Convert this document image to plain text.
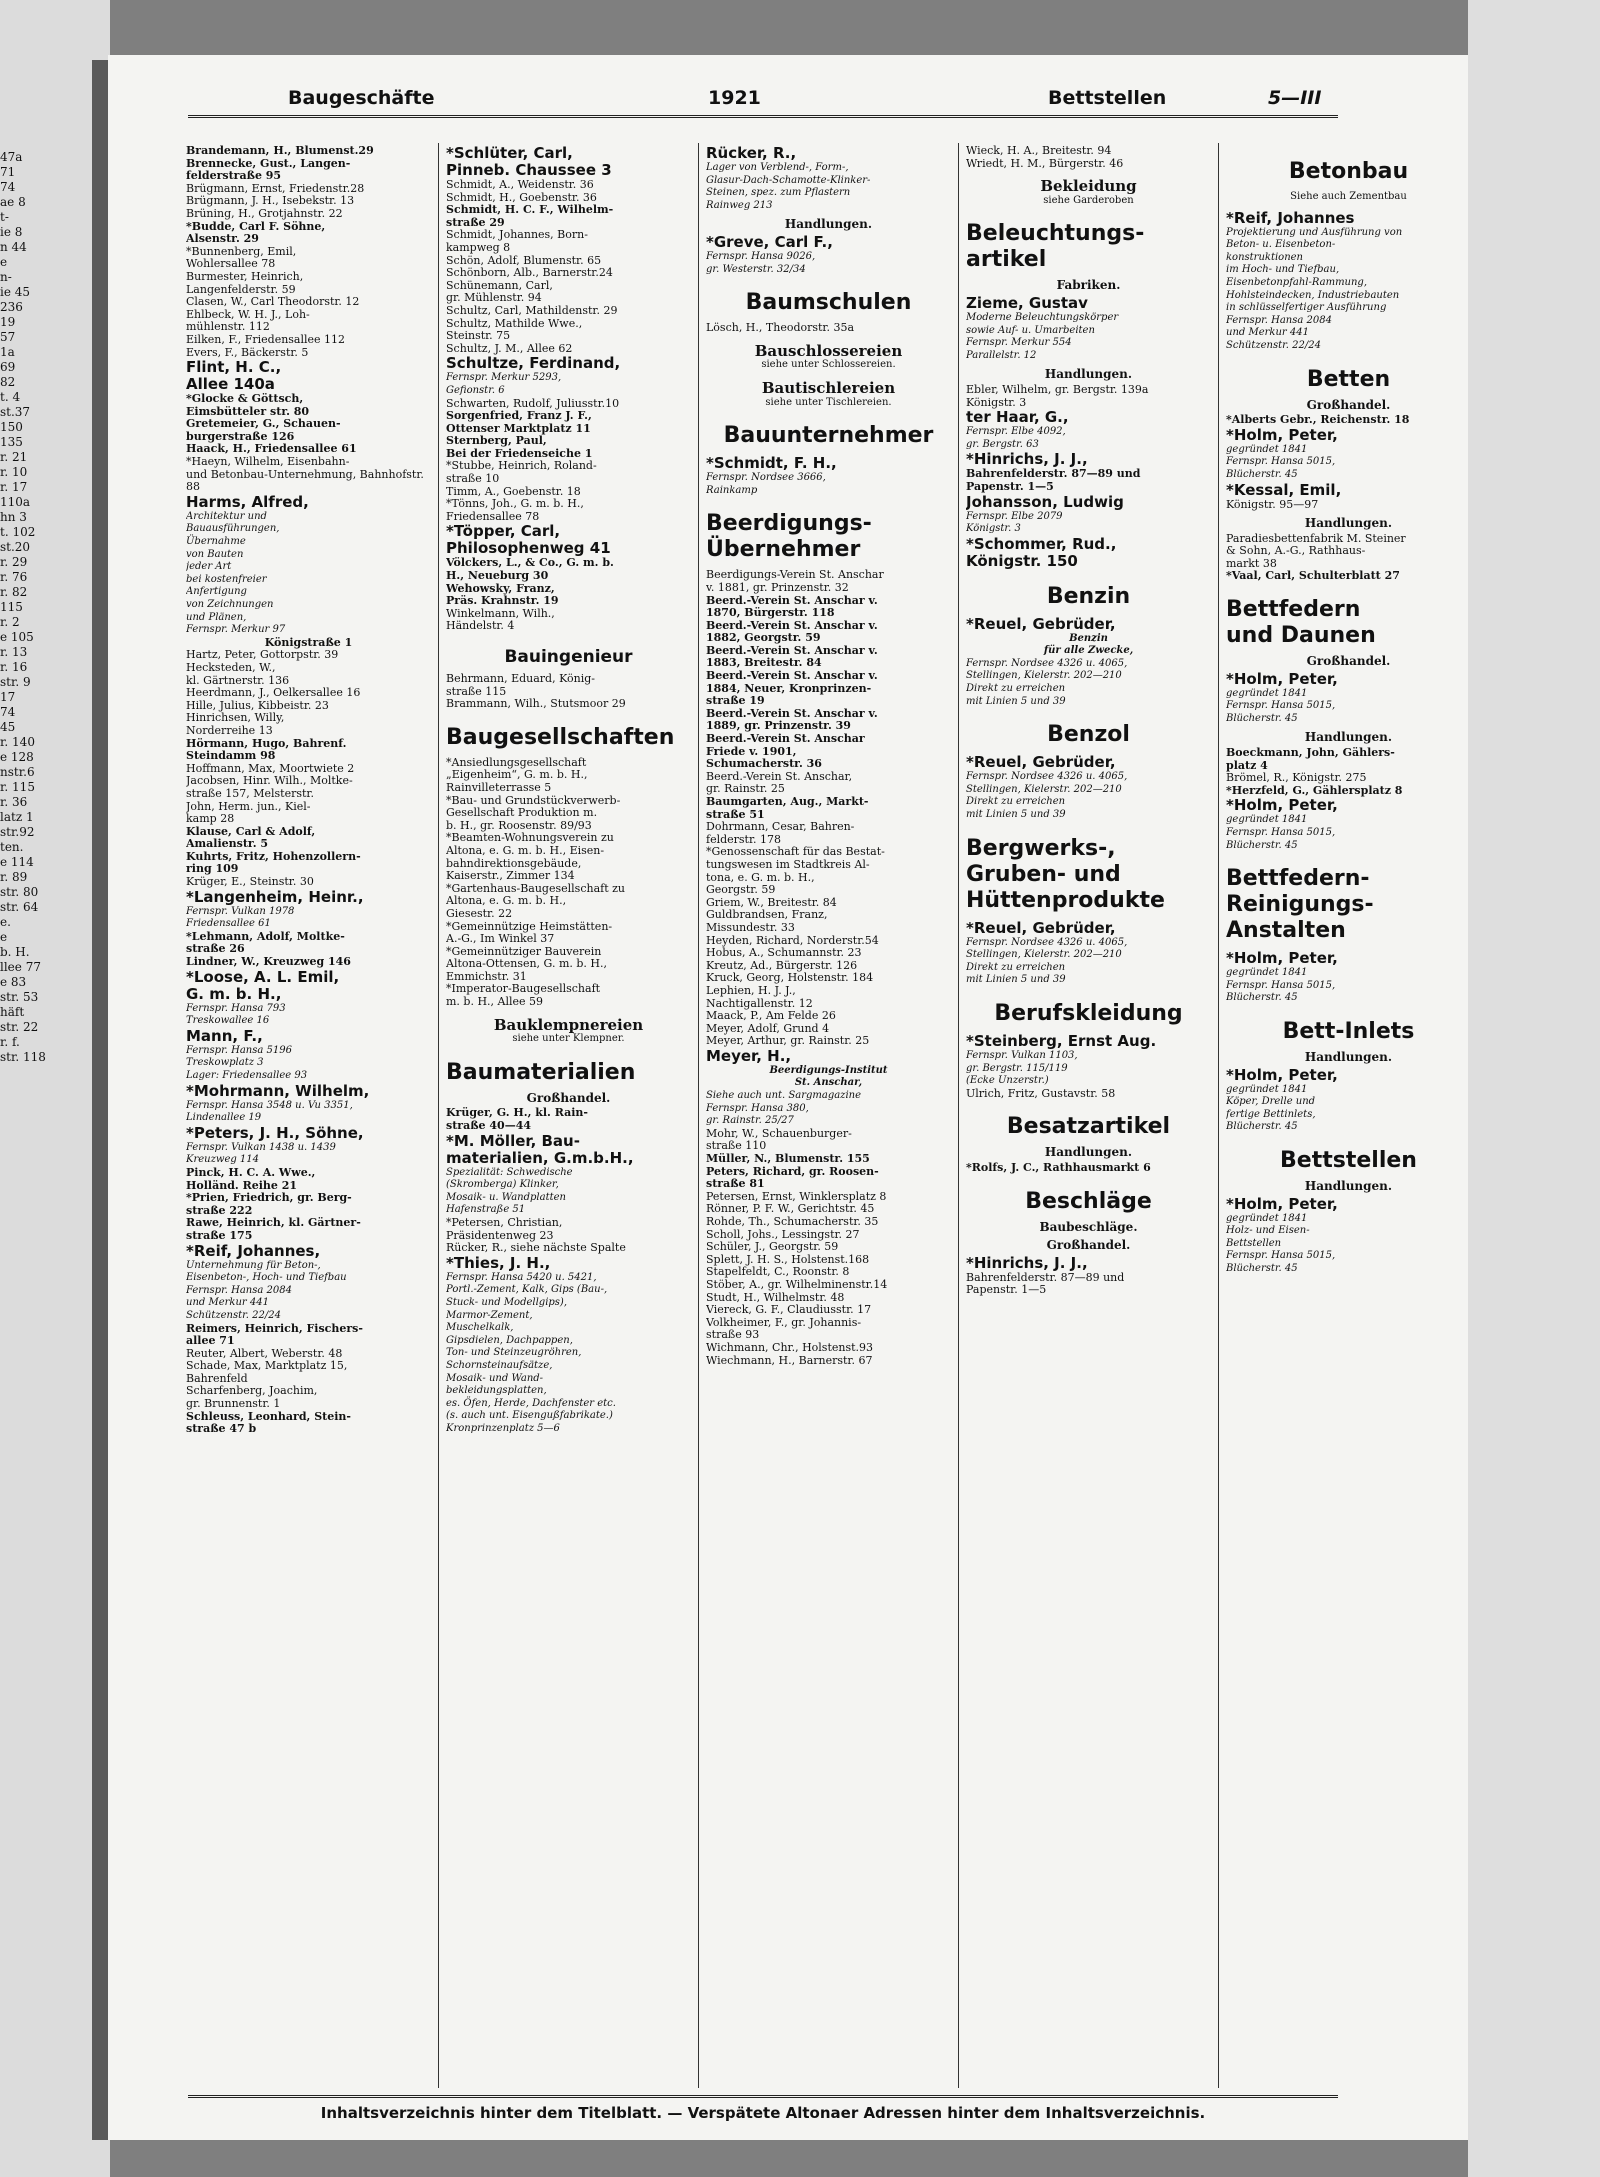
47a
71
74
ae 8
t-
ie 8
n 44
e
n-
ie 45
236
19
57
1a
69
82
t. 4
st.37
150
135
r. 21
r. 10
r. 17
110a
hn 3
t. 102
st.20
r. 29
r. 76
r. 82
115
r. 2
e 105
r. 13
r. 16
str. 9
17
74
45
r. 140
e 128
nstr.6
r. 115
r. 36
latz 1
str.92
ten.
e 114
r. 89
str. 80
str. 64
e.
e
b. H.
llee 77
e 83
str. 53
häft
str. 22
r. f.
str. 118
Baugeschäfte	1921	Bettstellen	5—III

Brandemann, H., Blumenst.29

Brennecke, Gust., Langen-
felderstraße 95

Brügmann, Ernst, Friedenstr.28

Brügmann, J. H., Isebekstr. 13

Brüning, H., Grotjahnstr. 22

*Budde, Carl F. Söhne,
Alsenstr. 29

*Bunnenberg, Emil,
Wohlersallee 78

Burmester, Heinrich,
Langenfelderstr. 59

Clasen, W., Carl Theodorstr. 12

Ehlbeck, W. H. J., Loh-
mühlenstr. 112

Eilken, F., Friedensallee 112

Evers, F., Bäckerstr. 5

Flint, H. C.,
Allee 140a

*Glocke & Göttsch,
Eimsbütteler str. 80

Gretemeier, G., Schauen-
burgerstraße 126

Haack, H., Friedensallee 61

*Haeyn, Wilhelm, Eisenbahn-
und Betonbau-Unternehmung, Bahnhofstr. 88

Harms, Alfred,

Architektur und
Bauausführungen,
Übernahme
von Bauten
jeder Art
bei kostenfreier
Anfertigung
von Zeichnungen
und Plänen,
Fernspr. Merkur 97

Königstraße 1

Hartz, Peter, Gottorpstr. 39

Hecksteden, W.,
kl. Gärtnerstr. 136

Heerdmann, J., Oelkersallee 16

Hille, Julius, Kibbeistr. 23

Hinrichsen, Willy,
Norderreihe 13

Hörmann, Hugo, Bahrenf.
Steindamm 98

Hoffmann, Max, Moortwiete 2

Jacobsen, Hinr. Wilh., Moltke-
straße 157, Melsterstr.

John, Herm. jun., Kiel-
kamp 28

Klause, Carl & Adolf,
Amalienstr. 5

Kuhrts, Fritz, Hohenzollern-
ring 109

Krüger, E., Steinstr. 30

*Langenheim, Heinr.,

Fernspr. Vulkan 1978
Friedensallee 61

*Lehmann, Adolf, Moltke-
straße 26

Lindner, W., Kreuzweg 146

*Loose, A. L. Emil,
G. m. b. H.,

Fernspr. Hansa 793
Treskowallee 16

Mann, F.,

Fernspr. Hansa 5196
Treskowplatz 3
Lager: Friedensallee 93

*Mohrmann, Wilhelm,

Fernspr. Hansa 3548 u. Vu 3351,
Lindenallee 19

*Peters, J. H., Söhne,

Fernspr. Vulkan 1438 u. 1439
Kreuzweg 114

Pinck, H. C. A. Wwe.,
Holländ. Reihe 21

*Prien, Friedrich, gr. Berg-
straße 222

Rawe, Heinrich, kl. Gärtner-
straße 175

*Reif, Johannes,

Unternehmung für Beton-,
Eisenbeton-, Hoch- und Tiefbau
Fernspr. Hansa 2084
und Merkur 441
Schützenstr. 22/24

Reimers, Heinrich, Fischers-
allee 71

Reuter, Albert, Weberstr. 48

Schade, Max, Marktplatz 15,
Bahrenfeld

Scharfenberg, Joachim,
gr. Brunnenstr. 1

Schleuss, Leonhard, Stein-
straße 47 b

*Schlüter, Carl,
Pinneb. Chaussee 3

Schmidt, A., Weidenstr. 36

Schmidt, H., Goebenstr. 36

Schmidt, H. C. F., Wilhelm-
straße 29

Schmidt, Johannes, Born-
kampweg 8

Schön, Adolf, Blumenstr. 65

Schönborn, Alb., Barnerstr.24

Schünemann, Carl,
gr. Mühlenstr. 94

Schultz, Carl, Mathildenstr. 29

Schultz, Mathilde Wwe.,
Steinstr. 75

Schultz, J. M., Allee 62

Schultze, Ferdinand,

Fernspr. Merkur 5293,
Gefionstr. 6

Schwarten, Rudolf, Juliusstr.10

Sorgenfried, Franz J. F.,
Ottenser Marktplatz 11

Sternberg, Paul,
Bei der Friedenseiche 1

*Stubbe, Heinrich, Roland-
straße 10

Timm, A., Goebenstr. 18

*Tönns, Joh., G. m. b. H.,
Friedensallee 78

*Töpper, Carl,
Philosophenweg 41

Völckers, L., & Co., G. m. b.
H., Neueburg 30

Wehowsky, Franz,
Präs. Krahnstr. 19

Winkelmann, Wilh.,
Händelstr. 4

Bauingenieur

Behrmann, Eduard, König-
straße 115

Brammann, Wilh., Stutsmoor 29

Baugesellschaften

*Ansiedlungsgesellschaft
„Eigenheim“, G. m. b. H.,
Rainvilleterrasse 5

*Bau- und Grundstückverwerb-
Gesellschaft Produktion m.
b. H., gr. Roosenstr. 89/93

*Beamten-Wohnungsverein zu
Altona, e. G. m. b. H., Eisen-
bahndirektionsgebäude,
Kaiserstr., Zimmer 134

*Gartenhaus-Baugesellschaft zu
Altona, e. G. m. b. H.,
Giesestr. 22

*Gemeinnützige Heimstätten-
A.-G., Im Winkel 37

*Gemeinnütziger Bauverein
Altona-Ottensen, G. m. b. H.,
Emmichstr. 31

*Imperator-Baugesellschaft
m. b. H., Allee 59

Bauklempnereien

siehe unter Klempner.

Baumaterialien

Großhandel.

Krüger, G. H., kl. Rain-
straße 40—44

*M. Möller, Bau-
materialien, G.m.b.H.,

Spezialität: Schwedische
(Skromberga) Klinker,
Mosaik- u. Wandplatten
Hafenstraße 51

*Petersen, Christian,
Präsidentenweg 23

Rücker, R., siehe nächste Spalte

*Thies, J. H.,

Fernspr. Hansa 5420 u. 5421,
Portl.-Zement, Kalk, Gips (Bau-,
Stuck- und Modellgips),
Marmor-Zement,
Muschelkalk,
Gipsdielen, Dachpappen,
Ton- und Steinzeugröhren,
Schornsteinaufsätze,
Mosaik- und Wand-
bekleidungsplatten,
es. Öfen, Herde, Dachfenster etc.
(s. auch unt. Eisengußfabrikate.)
Kronprinzenplatz 5—6

Rücker, R.,

Lager von Verblend-, Form-,
Glasur-Dach-Schamotte-Klinker-
Steinen, spez. zum Pflastern
Rainweg 213

Handlungen.

*Greve, Carl F.,

Fernspr. Hansa 9026,
gr. Westerstr. 32/34

Baumschulen

Lösch, H., Theodorstr. 35a

Bauschlossereien

siehe unter Schlossereien.

Bautischlereien

siehe unter Tischlereien.

Bauunternehmer

*Schmidt, F. H.,

Fernspr. Nordsee 3666,
Rainkamp

Beerdigungs-
Übernehmer

Beerdigungs-Verein St. Anschar
v. 1881, gr. Prinzenstr. 32

Beerd.-Verein St. Anschar v.
1870, Bürgerstr. 118

Beerd.-Verein St. Anschar v.
1882, Georgstr. 59

Beerd.-Verein St. Anschar v.
1883, Breitestr. 84

Beerd.-Verein St. Anschar v.
1884, Neuer, Kronprinzen-
straße 19

Beerd.-Verein St. Anschar v.
1889, gr. Prinzenstr. 39

Beerd.-Verein St. Anschar
Friede v. 1901,
Schumacherstr. 36

Beerd.-Verein St. Anschar,
gr. Rainstr. 25

Baumgarten, Aug., Markt-
straße 51

Dohrmann, Cesar, Bahren-
felderstr. 178

*Genossenschaft für das Bestat-
tungswesen im Stadtkreis Al-
tona, e. G. m. b. H.,
Georgstr. 59

Griem, W., Breitestr. 84

Guldbrandsen, Franz,
Missundestr. 33

Heyden, Richard, Norderstr.54

Hobus, A., Schumannstr. 23

Kreutz, Ad., Bürgerstr. 126

Kruck, Georg, Holstenstr. 184

Lephien, H. J. J.,
Nachtigallenstr. 12

Maack, P., Am Felde 26

Meyer, Adolf, Grund 4

Meyer, Arthur, gr. Rainstr. 25

Meyer, H.,

Beerdigungs-Institut
St. Anschar,

Siehe auch unt. Sargmagazine
Fernspr. Hansa 380,
gr. Rainstr. 25/27

Mohr, W., Schauenburger-
straße 110

Müller, N., Blumenstr. 155

Peters, Richard, gr. Roosen-
straße 81

Petersen, Ernst, Winklersplatz 8

Rönner, P. F. W., Gerichtstr. 45

Rohde, Th., Schumacherstr. 35

Scholl, Johs., Lessingstr. 27

Schüler, J., Georgstr. 59

Splett, J. H. S., Holstenst.168

Stapelfeldt, C., Roonstr. 8

Stöber, A., gr. Wilhelminenstr.14

Studt, H., Wilhelmstr. 48

Viereck, G. F., Claudiusstr. 17

Volkheimer, F., gr. Johannis-
straße 93

Wichmann, Chr., Holstenst.93

Wiechmann, H., Barnerstr. 67

Wieck, H. A., Breitestr. 94

Wriedt, H. M., Bürgerstr. 46

Bekleidung

siehe Garderoben

Beleuchtungs-
artikel

Fabriken.

Zieme, Gustav

Moderne Beleuchtungskörper
sowie Auf- u. Umarbeiten
Fernspr. Merkur 554
Parallelstr. 12

Handlungen.

Ebler, Wilhelm, gr. Bergstr. 139a
Königstr. 3

ter Haar, G.,

Fernspr. Elbe 4092,
gr. Bergstr. 63

*Hinrichs, J. J.,

Bahrenfelderstr. 87—89 und
Papenstr. 1—5

Johansson, Ludwig

Fernspr. Elbe 2079
Königstr. 3

*Schommer, Rud.,
Königstr. 150

Benzin

*Reuel, Gebrüder,

Benzin
für alle Zwecke,

Fernspr. Nordsee 4326 u. 4065,
Stellingen, Kielerstr. 202—210
Direkt zu erreichen
mit Linien 5 und 39

Benzol

*Reuel, Gebrüder,

Fernspr. Nordsee 4326 u. 4065,
Stellingen, Kielerstr. 202—210
Direkt zu erreichen
mit Linien 5 und 39

Bergwerks-,
Gruben- und
Hüttenprodukte

*Reuel, Gebrüder,

Fernspr. Nordsee 4326 u. 4065,
Stellingen, Kielerstr. 202—210
Direkt zu erreichen
mit Linien 5 und 39

Berufskleidung

*Steinberg, Ernst Aug.

Fernspr. Vulkan 1103,
gr. Bergstr. 115/119
(Ecke Unzerstr.)

Ulrich, Fritz, Gustavstr. 58

Besatzartikel

Handlungen.

*Rolfs, J. C., Rathhausmarkt 6

Beschläge

Baubeschläge.

Großhandel.

*Hinrichs, J. J.,

Bahrenfelderstr. 87—89 und
Papenstr. 1—5

Betonbau

Siehe auch Zementbau

*Reif, Johannes

Projektierung und Ausführung von
Beton- u. Eisenbeton-
konstruktionen
im Hoch- und Tiefbau,
Eisenbetonpfahl-Rammung,
Hohlsteindecken, Industriebauten
in schlüsselfertiger Ausführung
Fernspr. Hansa 2084
und Merkur 441
Schützenstr. 22/24

Betten

Großhandel.

*Alberts Gebr., Reichenstr. 18

*Holm, Peter,

gegründet 1841
Fernspr. Hansa 5015,
Blücherstr. 45

*Kessal, Emil,

Königstr. 95—97

Handlungen.

Paradiesbettenfabrik M. Steiner
& Sohn, A.-G., Rathhaus-
markt 38

*Vaal, Carl, Schulterblatt 27

Bettfedern
und Daunen

Großhandel.

*Holm, Peter,

gegründet 1841
Fernspr. Hansa 5015,
Blücherstr. 45

Handlungen.

Boeckmann, John, Gählers-
platz 4

Brömel, R., Königstr. 275

*Herzfeld, G., Gählersplatz 8

*Holm, Peter,

gegründet 1841
Fernspr. Hansa 5015,
Blücherstr. 45

Bettfedern-
Reinigungs-
Anstalten

*Holm, Peter,

gegründet 1841
Fernspr. Hansa 5015,
Blücherstr. 45

Bett-Inlets

Handlungen.

*Holm, Peter,

gegründet 1841
Köper, Drelle und
fertige Bettinlets,
Blücherstr. 45

Bettstellen

Handlungen.

*Holm, Peter,

gegründet 1841
Holz- und Eisen-
Bettstellen
Fernspr. Hansa 5015,
Blücherstr. 45

Inhaltsverzeichnis hinter dem Titelblatt. — Verspätete Altonaer Adressen hinter dem Inhaltsverzeichnis.
